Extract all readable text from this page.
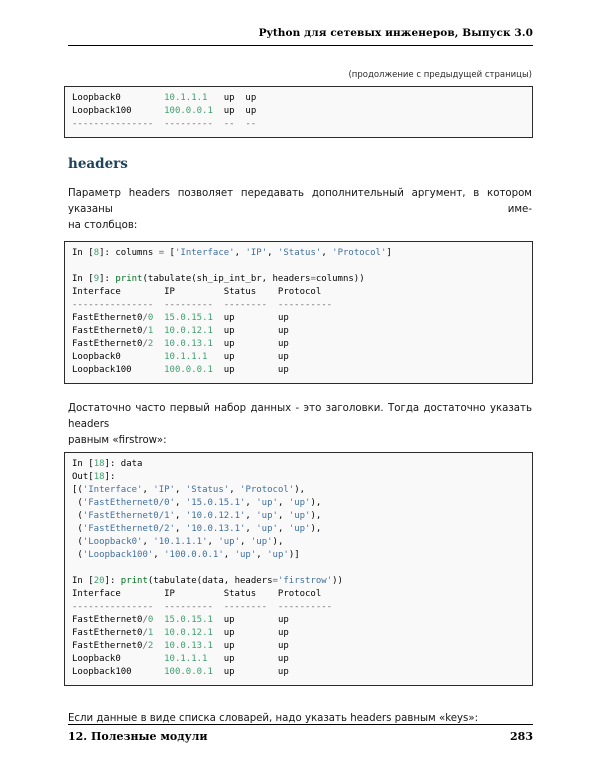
Python для сетевых инженеров, Выпуск 3.0
(продолжение с предыдущей страницы)
Loopback0        10.1.1.1   up  up
Loopback100      100.0.0.1  up  up
---------------  ---------  --  --
headers

Параметр headers позволяет передавать дополнительный аргумент, в котором указаны име-
на столбцов:

In [8]: columns = ['Interface', 'IP', 'Status', 'Protocol']

In [9]: print(tabulate(sh_ip_int_br, headers=columns))
Interface        IP         Status    Protocol
---------------  ---------  --------  ----------
FastEthernet0/0 15.0.15.1  up        up
FastEthernet0/1 10.0.12.1  up        up
FastEthernet0/2 10.0.13.1  up        up
Loopback0        10.1.1.1   up        up
Loopback100      100.0.0.1  up        up

Достаточно часто первый набор данных - это заголовки. Тогда достаточно указать headers
равным «firstrow»:

In [18]: data
Out[18]:
[('Interface', 'IP', 'Status', 'Protocol'),
('FastEthernet0/0', '15.0.15.1', 'up', 'up'),
('FastEthernet0/1', '10.0.12.1', 'up', 'up'),
('FastEthernet0/2', '10.0.13.1', 'up', 'up'),
('Loopback0', '10.1.1.1', 'up', 'up'),
('Loopback100', '100.0.0.1', 'up', 'up')]

In [20]: print(tabulate(data, headers='firstrow'))
Interface        IP         Status    Protocol
---------------  ---------  --------  ----------
FastEthernet0/0 15.0.15.1  up        up
FastEthernet0/1 10.0.12.1  up        up
FastEthernet0/2 10.0.13.1  up        up
Loopback0        10.1.1.1   up        up
Loopback100      100.0.0.1  up        up

Если данные в виде списка словарей, надо указать headers равным «keys»:

12. Полезные модули	283
